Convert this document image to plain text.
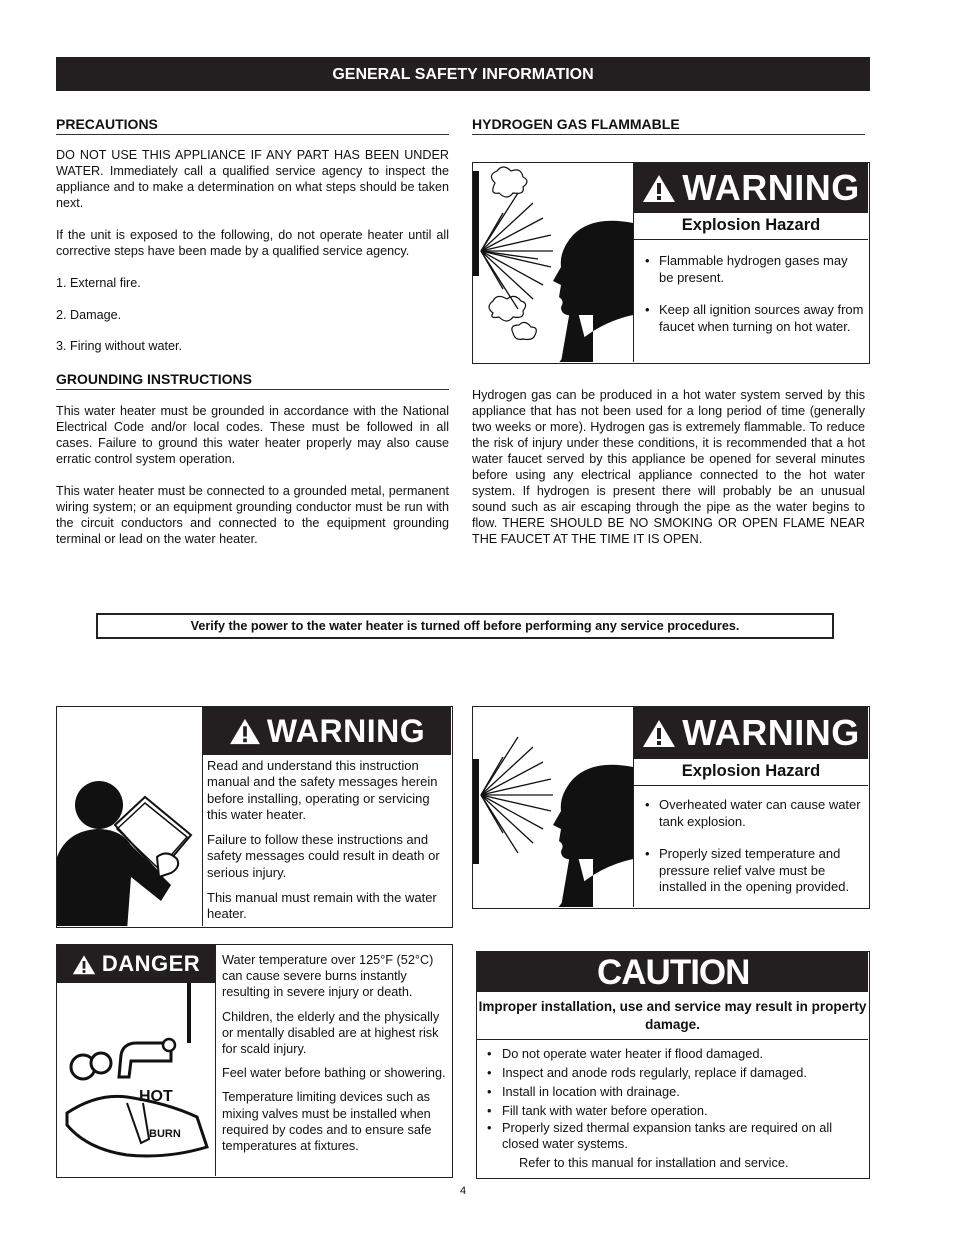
GENERAL SAFETY INFORMATION
PRECAUTIONS

DO NOT USE THIS APPLIANCE IF ANY PART HAS BEEN UNDER WATER. Immediately call a qualified service agency to inspect the appliance and to make a determination on what steps should be taken next.

If the unit is exposed to the following, do not operate heater until all corrective steps have been made by a qualified service agency.

1. External fire.
2. Damage.
3. Firing without water.
GROUNDING INSTRUCTIONS

This water heater must be grounded in accordance with the National Electrical Code and/or local codes. These must be followed in all cases. Failure to ground this water heater properly may also cause erratic control system operation.

This water heater must be connected to a grounded metal, permanent wiring system; or an equipment grounding conductor must be run with the circuit conductors and connected to the equipment grounding terminal or lead on the water heater.

HYDROGEN GAS FLAMMABLE
WARNING
Explosion Hazard
• Flammable hydrogen gases may be present.
• Keep all ignition sources away from faucet when turning on hot water.
Hydrogen gas can be produced in a hot water system served by this appliance that has not been used for a long period of time (generally two weeks or more). Hydrogen gas is extremely flammable. To reduce the risk of injury under these conditions, it is recommended that a hot water faucet served by this appliance be opened for several minutes before using any electrical appliance connected to the hot water system. If hydrogen is present there will probably be an unusual sound such as air escaping through the pipe as the water begins to flow. THERE SHOULD BE NO SMOKING OR OPEN FLAME NEAR THE FAUCET AT THE TIME IT IS OPEN.
Verify the power to the water heater is turned off before performing any service procedures.
WARNING

Read and understand this instruction manual and the safety messages herein before installing, operating or servicing this water heater.

Failure to follow these instructions and safety messages could result in death or serious injury.

This manual must remain with the water heater.

WARNING
Explosion Hazard
• Overheated water can cause water tank explosion.
• Properly sized temperature and pressure relief valve must be installed in the opening provided.
DANGER
HOT
BURN

Water temperature over 125°F (52°C) can cause severe burns instantly resulting in severe injury or death.

Children, the elderly and the physically or mentally disabled are at highest risk for scald injury.

Feel water before bathing or showering.

Temperature limiting devices such as mixing valves must be installed when required by codes and to ensure safe temperatures at fixtures.

CAUTION
Improper installation, use and service may result in property damage.
• Do not operate water heater if flood damaged.
• Inspect and anode rods regularly, replace if damaged.
• Install in location with drainage.
• Fill tank with water before operation.
• Properly sized thermal expansion tanks are required on all closed water systems.
Refer to this manual for installation and service.
4
